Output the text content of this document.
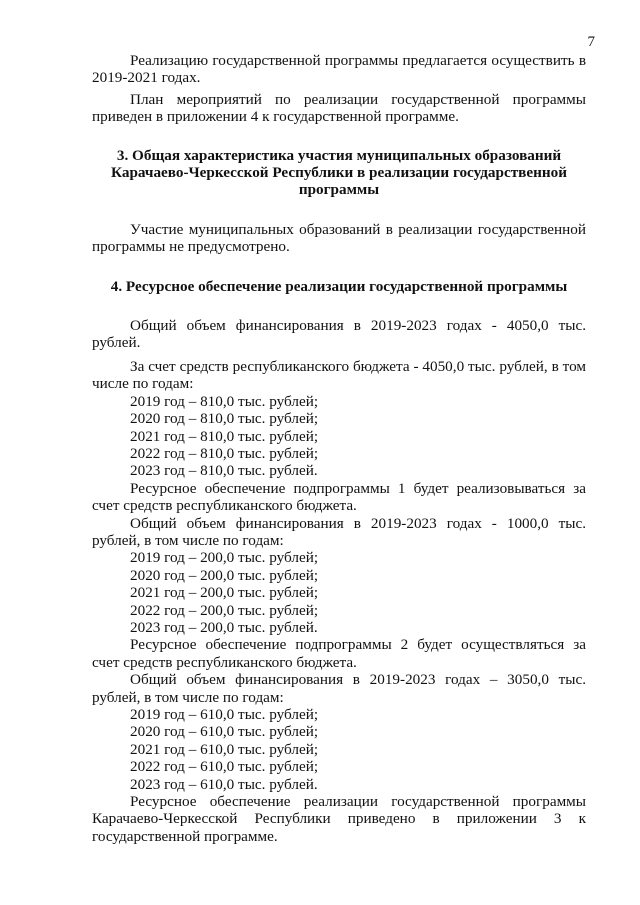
7

Реализацию государственной программы предлагается осуществить в 2019-2021 годах.

План мероприятий по реализации государственной программы приведен в приложении 4 к государственной программе.

3. Общая характеристика участия муниципальных образований
Карачаево-Черкесской Республики в реализации государственной
программы

Участие муниципальных образований в реализации государственной программы не предусмотрено.

4. Ресурсное обеспечение реализации государственной программы

Общий объем финансирования в 2019-2023 годах - 4050,0 тыс. рублей.

За счет средств республиканского бюджета - 4050,0 тыс. рублей, в том числе по годам:

2019 год – 810,0 тыс. рублей;

2020 год – 810,0 тыс. рублей;

2021 год – 810,0 тыс. рублей;

2022 год – 810,0 тыс. рублей;

2023 год – 810,0 тыс. рублей.

Ресурсное обеспечение подпрограммы 1 будет реализовываться за счет средств республиканского бюджета.

Общий объем финансирования в 2019-2023 годах - 1000,0 тыс. рублей, в том числе по годам:

2019 год – 200,0 тыс. рублей;

2020 год – 200,0 тыс. рублей;

2021 год – 200,0 тыс. рублей;

2022 год – 200,0 тыс. рублей;

2023 год – 200,0 тыс. рублей.

Ресурсное обеспечение подпрограммы 2 будет осуществляться за счет средств республиканского бюджета.

Общий объем финансирования в 2019-2023 годах – 3050,0 тыс. рублей, в том числе по годам:

2019 год – 610,0 тыс. рублей;

2020 год – 610,0 тыс. рублей;

2021 год – 610,0 тыс. рублей;

2022 год – 610,0 тыс. рублей;

2023 год – 610,0 тыс. рублей.

Ресурсное обеспечение реализации государственной программы Карачаево-Черкесской Республики приведено в приложении 3 к государственной программе.
